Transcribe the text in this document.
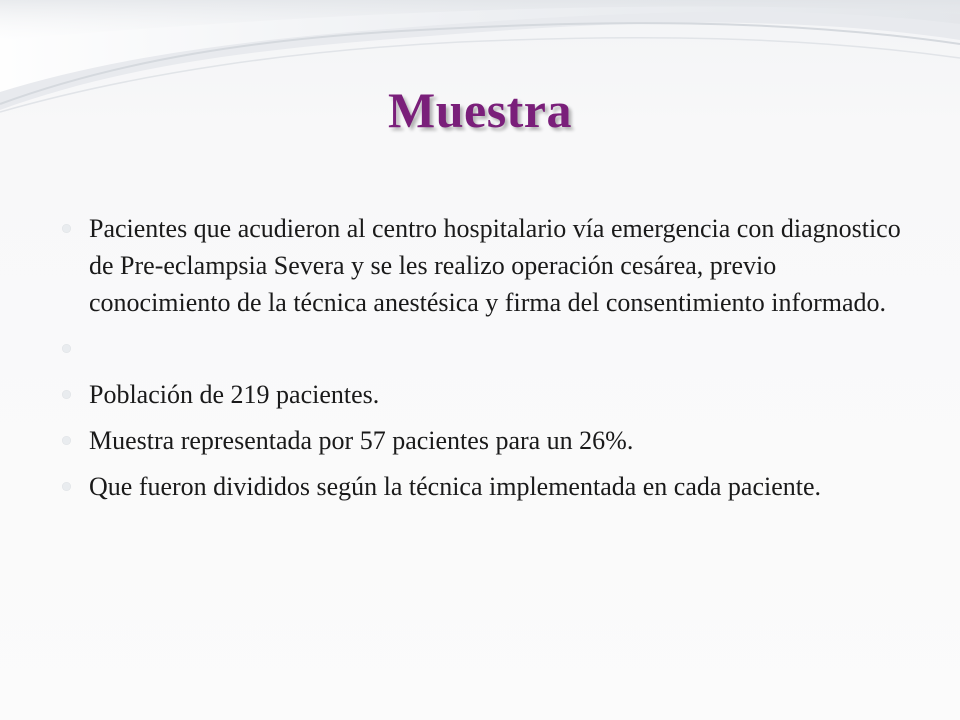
Muestra
Pacientes que acudieron al centro hospitalario vía emergencia con diagnostico de Pre-eclampsia Severa y se les realizo operación cesárea, previo conocimiento de la técnica anestésica y firma del consentimiento informado.
Población de 219 pacientes.
Muestra representada por 57 pacientes para un 26%.
Que fueron divididos según la técnica implementada en cada paciente.
